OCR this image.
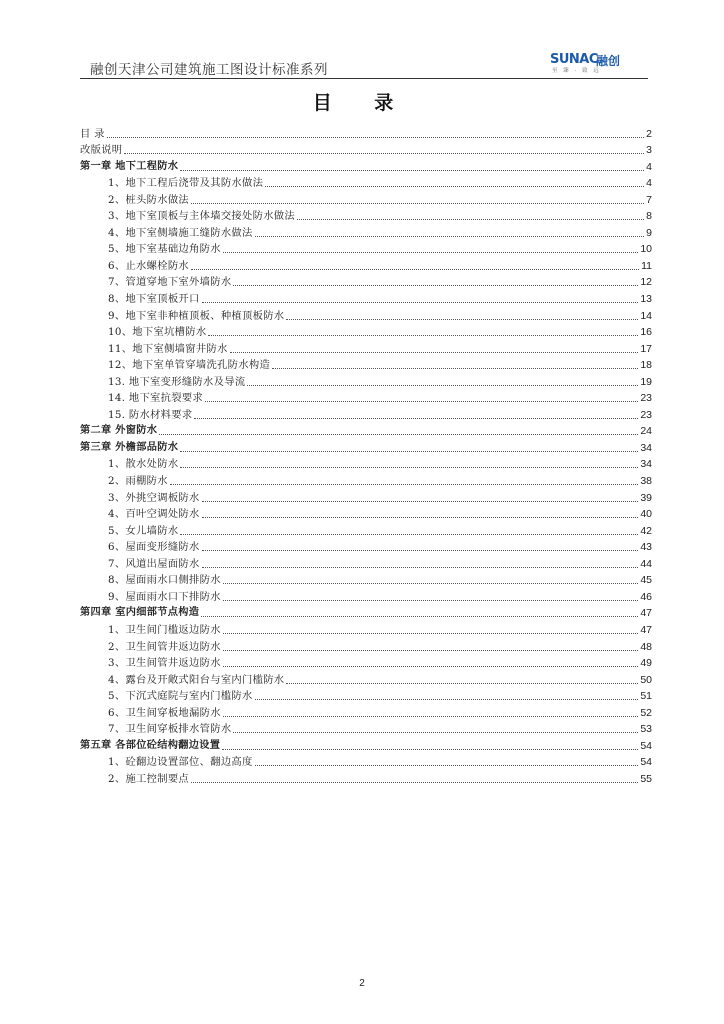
融创天津公司建筑施工图设计标准系列
SUNAC
融创
至 臻 · 致 远
目 录
目 录	2
改版说明	3
第一章 地下工程防水	4
1、地下工程后浇带及其防水做法	4
2、桩头防水做法	7
3、地下室顶板与主体墙交接处防水做法	8
4、地下室侧墙施工缝防水做法	9
5、地下室基础边角防水	10
6、止水螺栓防水	11
7、管道穿地下室外墙防水	12
8、地下室顶板开口	13
9、地下室非种植顶板、种植顶板防水	14
10、地下室坑槽防水	16
11、地下室侧墙窗井防水	17
12、地下室单管穿墙洗孔防水构造	18
13. 地下室变形缝防水及导流	19
14. 地下室抗裂要求	23
15. 防水材料要求	23
第二章 外窗防水	24
第三章 外檐部品防水	34
1、散水处防水	34
2、雨棚防水	38
3、外挑空调板防水	39
4、百叶空调处防水	40
5、女儿墙防水	42
6、屋面变形缝防水	43
7、风道出屋面防水	44
8、屋面雨水口侧排防水	45
9、屋面雨水口下排防水	46
第四章 室内细部节点构造	47
1、卫生间门槛返边防水	47
2、卫生间管井返边防水	48
3、卫生间管井返边防水	49
4、露台及开敞式阳台与室内门槛防水	50
5、下沉式庭院与室内门槛防水	51
6、卫生间穿板地漏防水	52
7、卫生间穿板排水管防水	53
第五章 各部位砼结构翻边设置	54
1、砼翻边设置部位、翻边高度	54
2、施工控制要点	55
2
